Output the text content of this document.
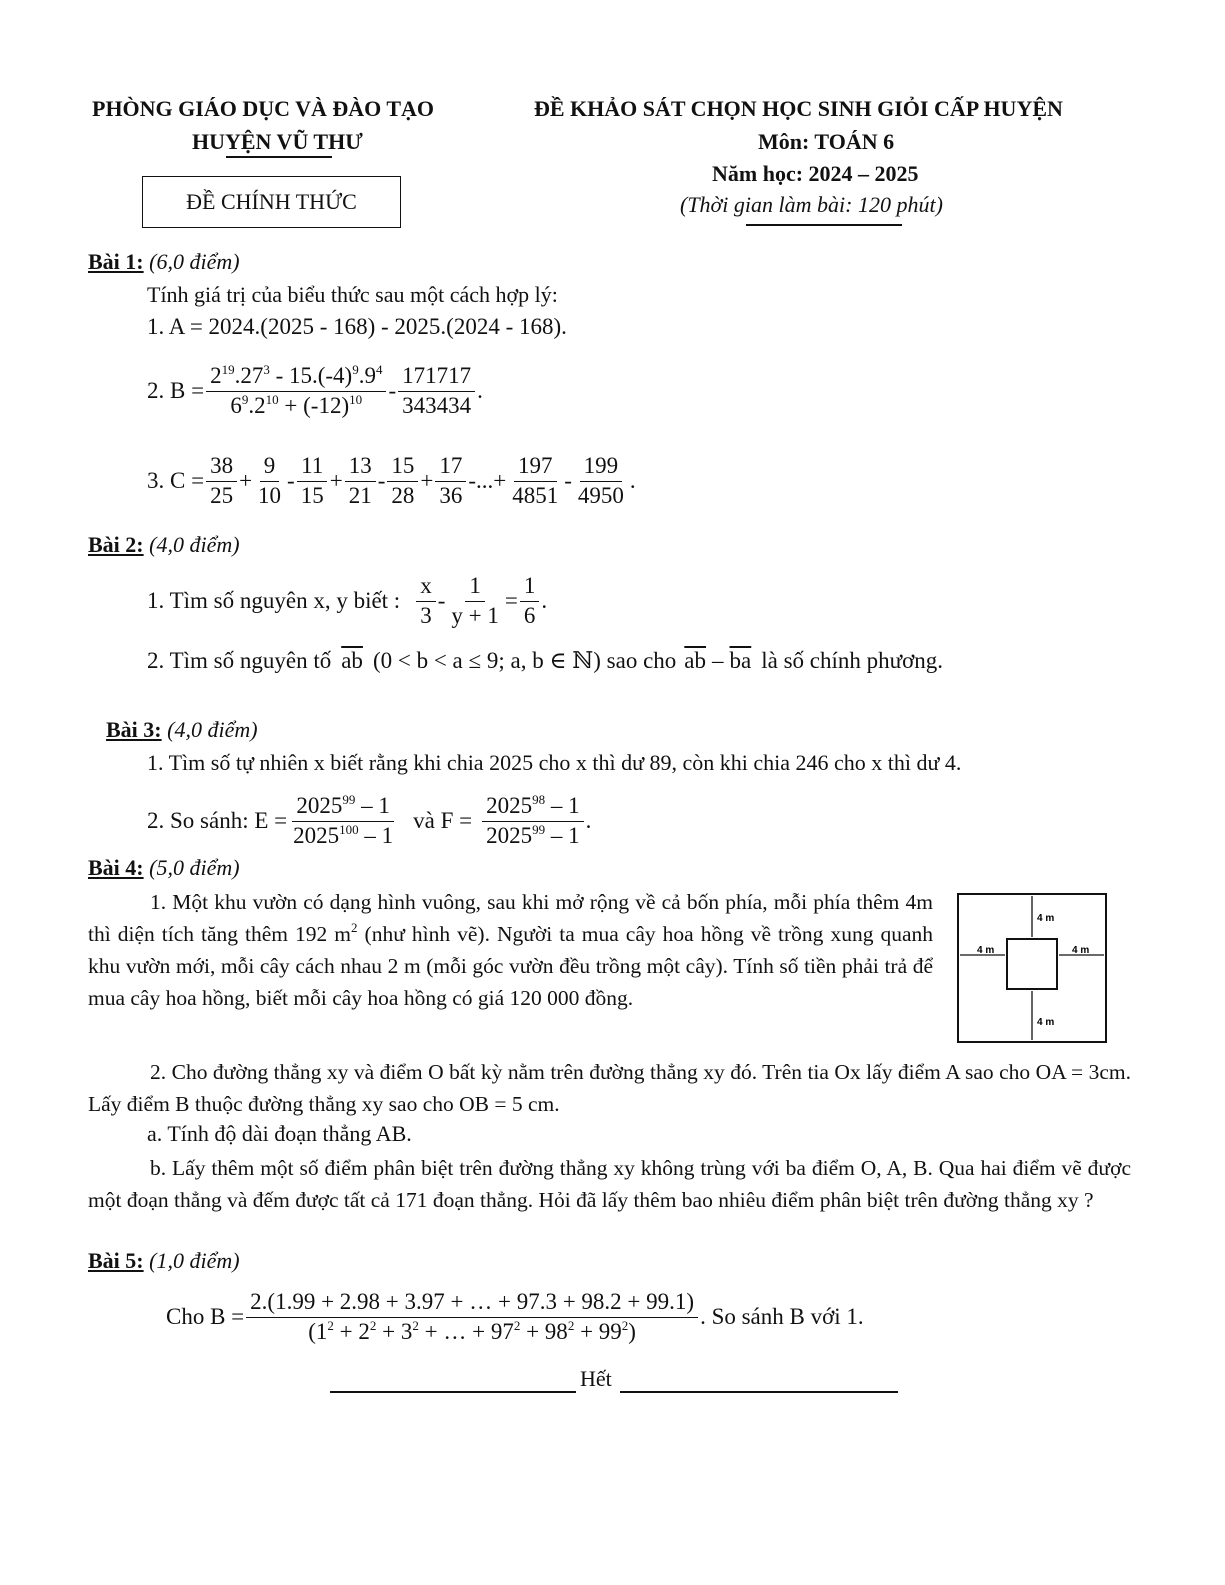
PHÒNG GIÁO DỤC VÀ ĐÀO TẠO
HUYỆN VŨ THƯ
ĐỀ KHẢO SÁT CHỌN HỌC SINH GIỎI CẤP HUYỆN
Môn: TOÁN 6
Năm học: 2024 – 2025
(Thời gian làm bài: 120 phút)
ĐỀ CHÍNH THỨC
Bài 1: (6,0 điểm)
Tính giá trị của biểu thức sau một cách hợp lý:
1. A = 2024.(2025 - 168) - 2025.(2024 - 168).
2. $B = \frac{2^{19}.27^3 - 15.(-4)^9.9^4}{6^9.2^{10} + (-12)^{10}} - \frac{171717}{343434}$ .
3. $C = \frac{38}{25} + \frac{9}{10} - \frac{11}{15} + \frac{13}{21} - \frac{15}{28} + \frac{17}{36}$ -...+ $\frac{197}{4851} - \frac{199}{4950}$ .
Bài 2: (4,0 điểm)
1. Tìm số nguyên x, y biết : $\frac{x}{3} - \frac{1}{y + 1} = \frac{1}{6}$ .
2. Tìm số nguyên tố $\overline{ab}$ (0 < b < a ≤ 9; a, b ∈ ℕ) sao cho $\overline{ab} - \overline{ba}$ là số chính phương.
Bài 3: (4,0 điểm)
1. Tìm số tự nhiên x biết rằng khi chia 2025 cho x thì dư 89, còn khi chia 246 cho x thì dư 4.
2. So sánh: $E = \frac{2025^{99} - 1}{2025^{100} - 1}$ và $F = \frac{2025^{98} - 1}{2025^{99} - 1}$ .
Bài 4: (5,0 điểm)
1. Một khu vườn có dạng hình vuông, sau khi mở rộng về cả bốn phía, mỗi phía thêm 4m thì diện tích tăng thêm 192 $m^2$ (như hình vẽ). Người ta mua cây hoa hồng về trồng xung quanh khu vườn mới, mỗi cây cách nhau 2 m (mỗi góc vườn đều trồng một cây). Tính số tiền phải trả để mua cây hoa hồng, biết mỗi cây hoa hồng có giá 120 000 đồng.
4 m
4 m	4 m
4 m
2. Cho đường thẳng xy và điểm O bất kỳ nằm trên đường thẳng xy đó. Trên tia Ox lấy điểm A sao cho OA = 3cm. Lấy điểm B thuộc đường thẳng xy sao cho OB = 5 cm.
a. Tính độ dài đoạn thẳng AB.
b. Lấy thêm một số điểm phân biệt trên đường thẳng xy không trùng với ba điểm O, A, B. Qua hai điểm vẽ được một đoạn thẳng và đếm được tất cả 171 đoạn thẳng. Hỏi đã lấy thêm bao nhiêu điểm phân biệt trên đường thẳng xy ?
Bài 5: (1,0 điểm)
Cho $B = \frac{2.(1.99 + 2.98 + 3.97 + \dots + 97.3 + 98.2 + 99.1)}{(1^2 + 2^2 + 3^2 + \dots + 97^2 + 98^2 + 99^2)}$ . So sánh B với 1.
Hết
